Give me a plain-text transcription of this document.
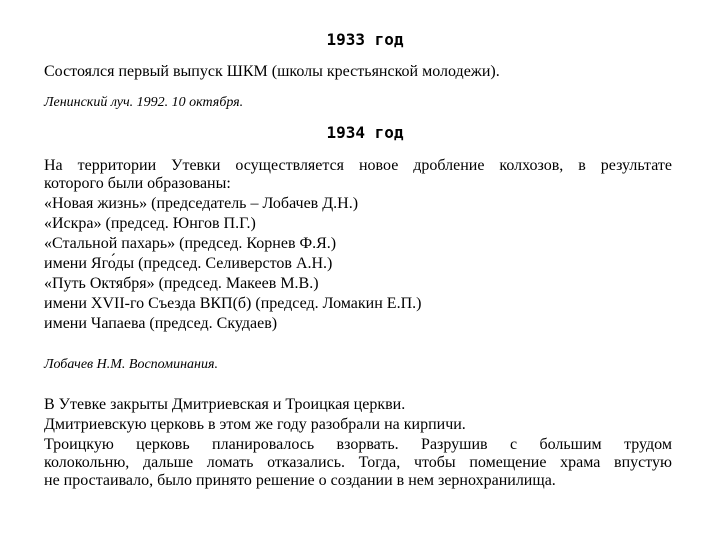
1933 год
Состоялся первый выпуск ШКМ (школы крестьянской молодежи).
Ленинский луч. 1992. 10 октября.
1934 год
На территории Утевки осуществляется новое дробление колхозов, в результате
которого были образованы:
«Новая жизнь» (председатель – Лобачев Д.Н.)
«Искра» (председ. Юнгов П.Г.)
«Стальной пахарь» (председ. Корнев Ф.Я.)
имени Яго́ды (председ. Селиверстов А.Н.)
«Путь Октября» (председ. Макеев М.В.)
имени XVII-го Съезда ВКП(б) (председ. Ломакин Е.П.)
имени Чапаева (председ. Скудаев)
Лобачев Н.М. Воспоминания.
В Утевке закрыты Дмитриевская и Троицкая церкви.
Дмитриевскую церковь в этом же году разобрали на кирпичи.
Троицкую церковь планировалось взорвать. Разрушив с большим трудом
колокольню, дальше ломать отказались. Тогда, чтобы помещение храма впустую
не простаивало, было принято решение о создании в нем зернохранилища.
